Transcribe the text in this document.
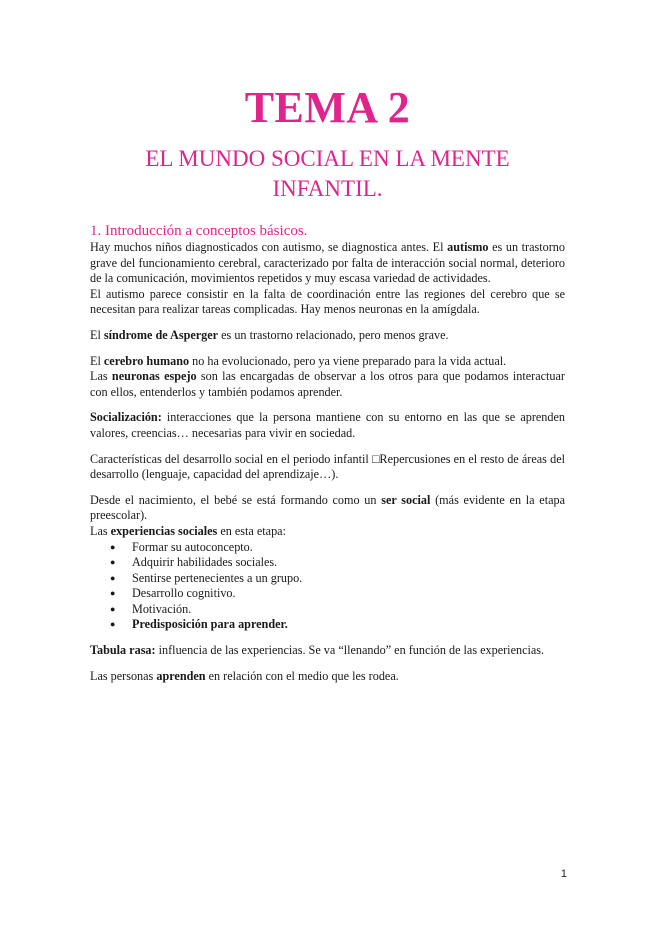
TEMA 2
EL MUNDO SOCIAL EN LA MENTE INFANTIL.
1. Introducción a conceptos básicos.

Hay muchos niños diagnosticados con autismo, se diagnostica antes. El autismo es un trastorno grave del funcionamiento cerebral, caracterizado por falta de interacción social normal, deterioro de la comunicación, movimientos repetidos y muy escasa variedad de actividades.

El autismo parece consistir en la falta de coordinación entre las regiones del cerebro que se necesitan para realizar tareas complicadas. Hay menos neuronas en la amígdala.

El síndrome de Asperger es un trastorno relacionado, pero menos grave.

El cerebro humano no ha evolucionado, pero ya viene preparado para la vida actual.

Las neuronas espejo son las encargadas de observar a los otros para que podamos interactuar con ellos, entenderlos y también podamos aprender.

Socialización: interacciones que la persona mantiene con su entorno en las que se aprenden valores, creencias… necesarias para vivir en sociedad.

Características del desarrollo social en el periodo infantil □Repercusiones en el resto de áreas del desarrollo (lenguaje, capacidad del aprendizaje…).

Desde el nacimiento, el bebé se está formando como un ser social (más evidente en la etapa preescolar).

Las experiencias sociales en esta etapa:

● Formar su autoconcepto.
● Adquirir habilidades sociales.
● Sentirse pertenecientes a un grupo.
● Desarrollo cognitivo.
● Motivación.
● Predisposición para aprender.

Tabula rasa: influencia de las experiencias. Se va “llenando” en función de las experiencias.

Las personas aprenden en relación con el medio que les rodea.

1
